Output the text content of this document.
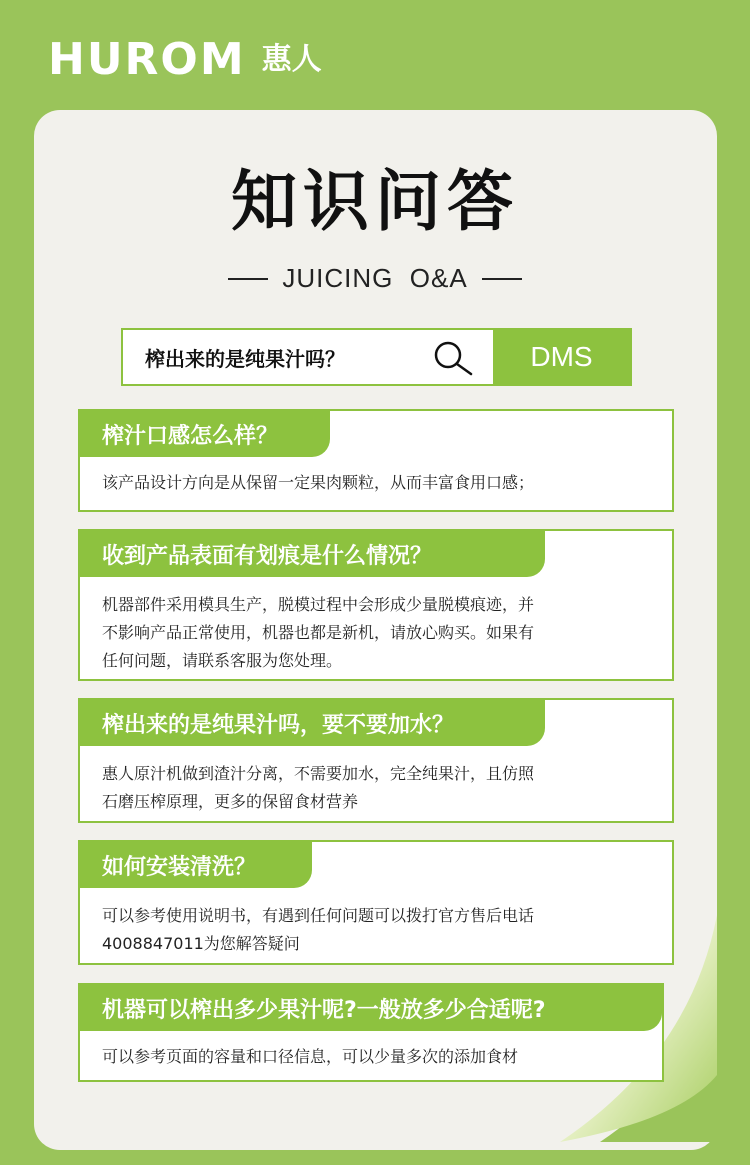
HUROM 惠人
知识问答
JUICING  O&A
榨出来的是纯果汁吗？	DMS
榨汁口感怎么样？
该产品设计方向是从保留一定果肉颗粒，从而丰富食用口感；
收到产品表面有划痕是什么情况？
机器部件采用模具生产，脱模过程中会形成少量脱模痕迹，并
不影响产品正常使用，机器也都是新机，请放心购买。如果有
任何问题，请联系客服为您处理。
榨出来的是纯果汁吗，要不要加水？
惠人原汁机做到渣汁分离，不需要加水，完全纯果汁，且仿照
石磨压榨原理，更多的保留食材营养
如何安装清洗？
可以参考使用说明书，有遇到任何问题可以拨打官方售后电话
4008847011为您解答疑问
机器可以榨出多少果汁呢?一般放多少合适呢?
可以参考页面的容量和口径信息，可以少量多次的添加食材
